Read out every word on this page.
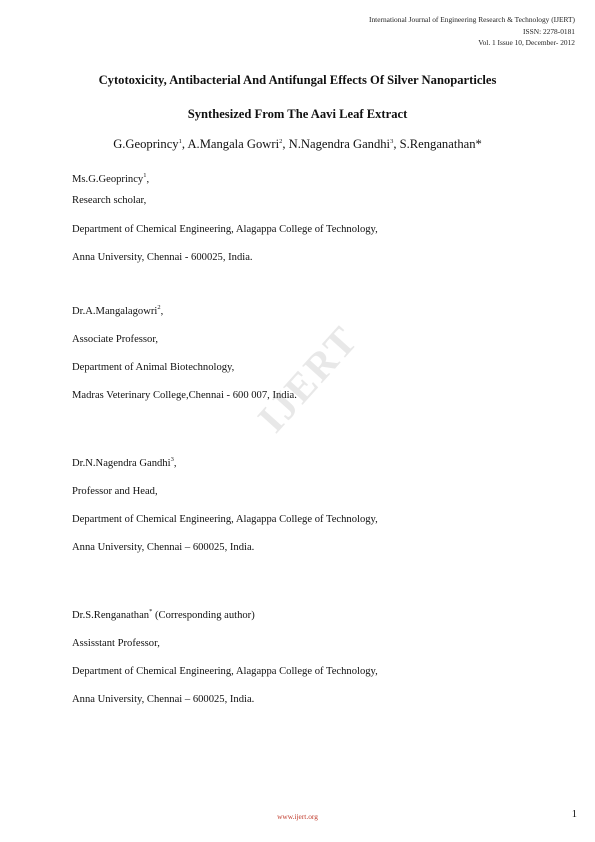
International Journal of Engineering Research & Technology (IJERT)
ISSN: 2278-0181
Vol. 1 Issue 10, December- 2012
Cytotoxicity, Antibacterial And Antifungal Effects Of Silver Nanoparticles
Synthesized From The Aavi Leaf Extract
G.Geoprincy$^1$, A.Mangala Gowri$^2$, N.Nagendra Gandhi$^3$, S.Renganathan*
Ms.G.Geoprincy$^1$,
Research scholar,
Department of Chemical Engineering, Alagappa College of Technology,
Anna University, Chennai - 600025, India.
Dr.A.Mangalagowri$^2$,
Associate Professor,
Department of Animal Biotechnology,
Madras Veterinary College,Chennai - 600 007, India.
Dr.N.Nagendra Gandhi$^3$,
Professor and Head,
Department of Chemical Engineering, Alagappa College of Technology,
Anna University, Chennai – 600025, India.
Dr.S.Renganathan* (Corresponding author)
Assisstant Professor,
Department of Chemical Engineering, Alagappa College of Technology,
Anna University, Chennai – 600025, India.
IJERT
www.ijert.org	1
